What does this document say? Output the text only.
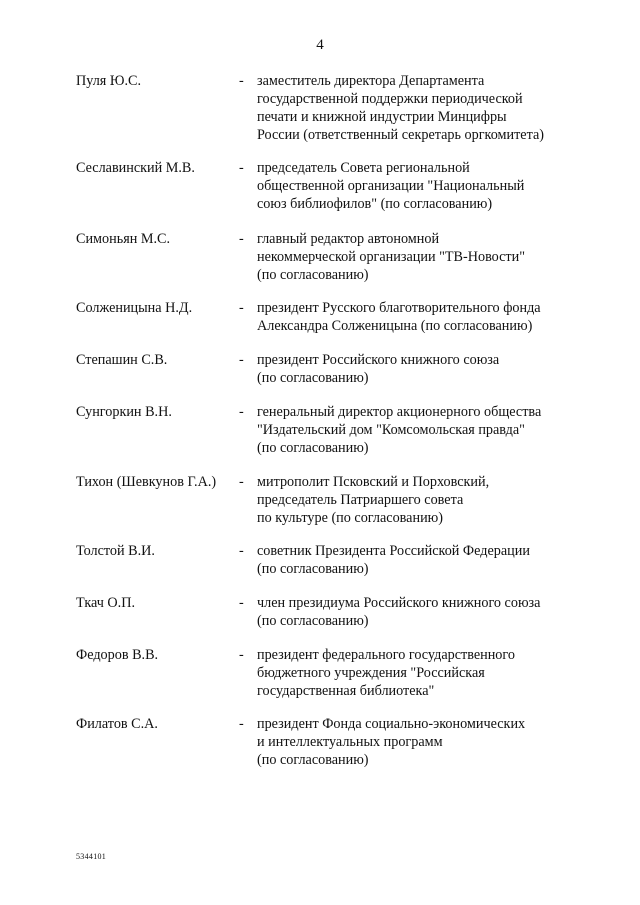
4
Пуля Ю.С.	- заместитель директора Департамента
государственной поддержки периодической
печати и книжной индустрии Минцифры
России (ответственный секретарь оргкомитета)
Сеславинский М.В.	- председатель Совета региональной
общественной организации "Национальный
союз библиофилов" (по согласованию)
Симоньян М.С.	- главный редактор автономной
некоммерческой организации "ТВ-Новости"
(по согласованию)
Солженицына Н.Д.	- президент Русского благотворительного фонда
Александра Солженицына (по согласованию)
Степашин С.В.	- президент Российского книжного союза
(по согласованию)
Сунгоркин В.Н.	- генеральный директор акционерного общества
"Издательский дом "Комсомольская правда"
(по согласованию)
Тихон (Шевкунов Г.А.) - митрополит Псковский и Порховский,
председатель Патриаршего совета
по культуре (по согласованию)
Толстой В.И.	- советник Президента Российской Федерации
(по согласованию)
Ткач О.П.	- член президиума Российского книжного союза
(по согласованию)
Федоров В.В.	- президент федерального государственного
бюджетного учреждения "Российская
государственная библиотека"
Филатов С.А.	- президент Фонда социально-экономических
и интеллектуальных программ
(по согласованию)
5344101
